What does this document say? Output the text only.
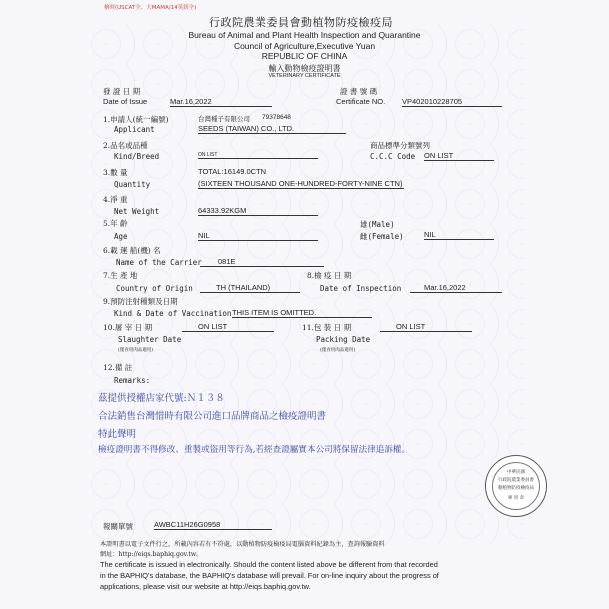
檜時(USCAT全、大MAMA/14英鎊全)
行政院農業委員會動植物防疫檢疫局
Bureau of Animal and Plant Health Inspection and Quarantine
Council of Agriculture,Executive Yuan
REPUBLIC OF CHINA
輸入動物檢疫證明書
VETERINARY CERTIFICATE
發 證 日 期
Date of Issue	Mar.16,2022
證 書 號 碼
Certificate NO. VP402010228705
1.申請人(統一編號)	台灣種子有限公司 79378648
Applicant	SEEDS (TAIWAN) CO., LTD.
2.品名或品種
Kind/Breed	ON LIST
商品標準分類號列
C.C.C Code ON LIST
3.數 量	TOTAL:16149.0CTN
Quantity	(SIXTEEN THOUSAND ONE-HUNDRED-FORTY-NINE CTN)
4.淨 重
Net Weight	64333.92KGM
5.年 齡
Age	NIL
雄(Male)
雌(Female)	NIL
6.載 運 船(機) 名
Name of the Carrier	081E
7.生 產 地
Country of Origin	TH (THAILAND)
8.檢 疫 日 期
Date of Inspection	Mar.16,2022
9.預防注射種類及日期
Kind & Date of Vaccination THIS ITEM IS OMITTED.
10.屠 宰 日 期	ON LIST
Slaughter Date
(僅食用肉品適用)
11.包 裝 日 期	ON LIST
Packing Date
(僅食用肉品適用)
12.備 註
Remarks:
茲提供授權店家代號:Ｎ１３８
合法銷售台灣惜時有限公司進口品牌商品之檢疫證明書
特此聲明
檢疫證明書不得修改、重製或盜用等行為,若經查證屬實本公司將保留法律追訴權。
中華民國
行政院農業委員會
動植物防疫檢疫局
專 用 章
報關單號	AWBC11H26G0958
本證明書以電子文件行之，所載內容若有不符處，以動植物防疫檢疫局電腦資料紀錄為主，查詢報驗資料
網址：http://eiqs.baphiq.gov.tw。
The certificate is issued in electronically. Should the content listed above be different from that recorded
in the BAPHIQ's database, the BAPHIQ's database will prevail. For on-line inquiry about the progress of
applications, please visit our website at http://eiqs.baphiq.gov.tw.
